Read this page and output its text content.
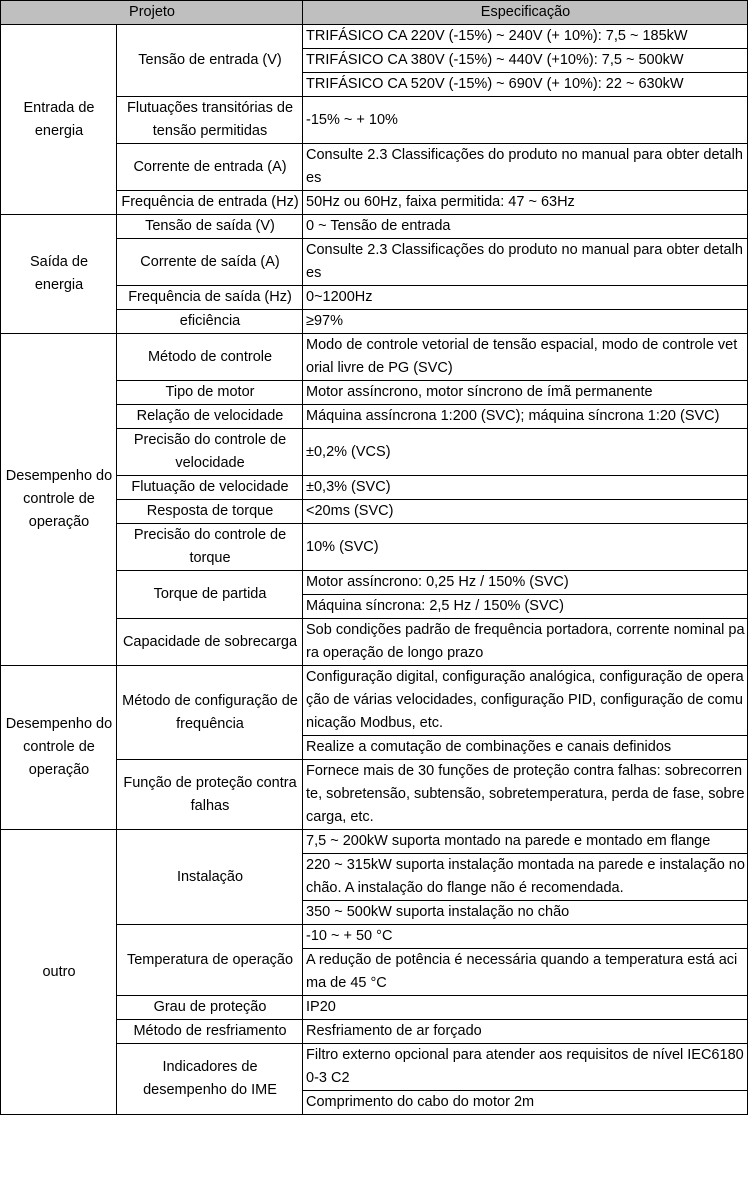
Projeto		Especificação
Entrada de energia	Tensão de entrada (V)	TRIFÁSICO CA 220V (-15%) ~ 240V (+ 10%): 7,5 ~ 185kW
		TRIFÁSICO CA 380V (-15%) ~ 440V (+10%): 7,5 ~ 500kW
		TRIFÁSICO CA 520V (-15%) ~ 690V (+ 10%): 22 ~ 630kW
	Flutuações transitórias de tensão permitidas	-15% ~ + 10%
	Corrente de entrada (A)	Consulte 2.3 Classificações do produto no manual para obter detalhes
	Frequência de entrada (Hz)	50Hz ou 60Hz, faixa permitida: 47 ~ 63Hz
Saída de energia	Tensão de saída (V)	0 ~ Tensão de entrada
	Corrente de saída (A)	Consulte 2.3 Classificações do produto no manual para obter detalhes
	Frequência de saída (Hz)	0~1200Hz
	eficiência	≥97%
Desempenho do controle de operação	Método de controle	Modo de controle vetorial de tensão espacial, modo de controle vetorial livre de PG (SVC)
	Tipo de motor	Motor assíncrono, motor síncrono de ímã permanente
	Relação de velocidade	Máquina assíncrona 1:200 (SVC); máquina síncrona 1:20 (SVC)
	Precisão do controle de velocidade	±0,2% (VCS)
	Flutuação de velocidade	±0,3% (SVC)
	Resposta de torque	<20ms (SVC)
	Precisão do controle de torque	10% (SVC)
	Torque de partida	Motor assíncrono: 0,25 Hz / 150% (SVC)
		Máquina síncrona: 2,5 Hz / 150% (SVC)
	Capacidade de sobrecarga	Sob condições padrão de frequência portadora, corrente nominal para operação de longo prazo
Desempenho do controle de operação	Método de configuração de frequência	Configuração digital, configuração analógica, configuração de operação de várias velocidades, configuração PID, configuração de comunicação Modbus, etc.
		Realize a comutação de combinações e canais definidos
	Função de proteção contra falhas	Fornece mais de 30 funções de proteção contra falhas: sobrecorrente, sobretensão, subtensão, sobretemperatura, perda de fase, sobrecarga, etc.
outro	Instalação	7,5 ~ 200kW suporta montado na parede e montado em flange
		220 ~ 315kW suporta instalação montada na parede e instalação no chão. A instalação do flange não é recomendada.
		350 ~ 500kW suporta instalação no chão
	Temperatura de operação	-10 ~ + 50 °C
		A redução de potência é necessária quando a temperatura está acima de 45 °C
	Grau de proteção	IP20
	Método de resfriamento	Resfriamento de ar forçado
	Indicadores de desempenho do IME	Filtro externo opcional para atender aos requisitos de nível IEC61800-3 C2
		Comprimento do cabo do motor 2m
